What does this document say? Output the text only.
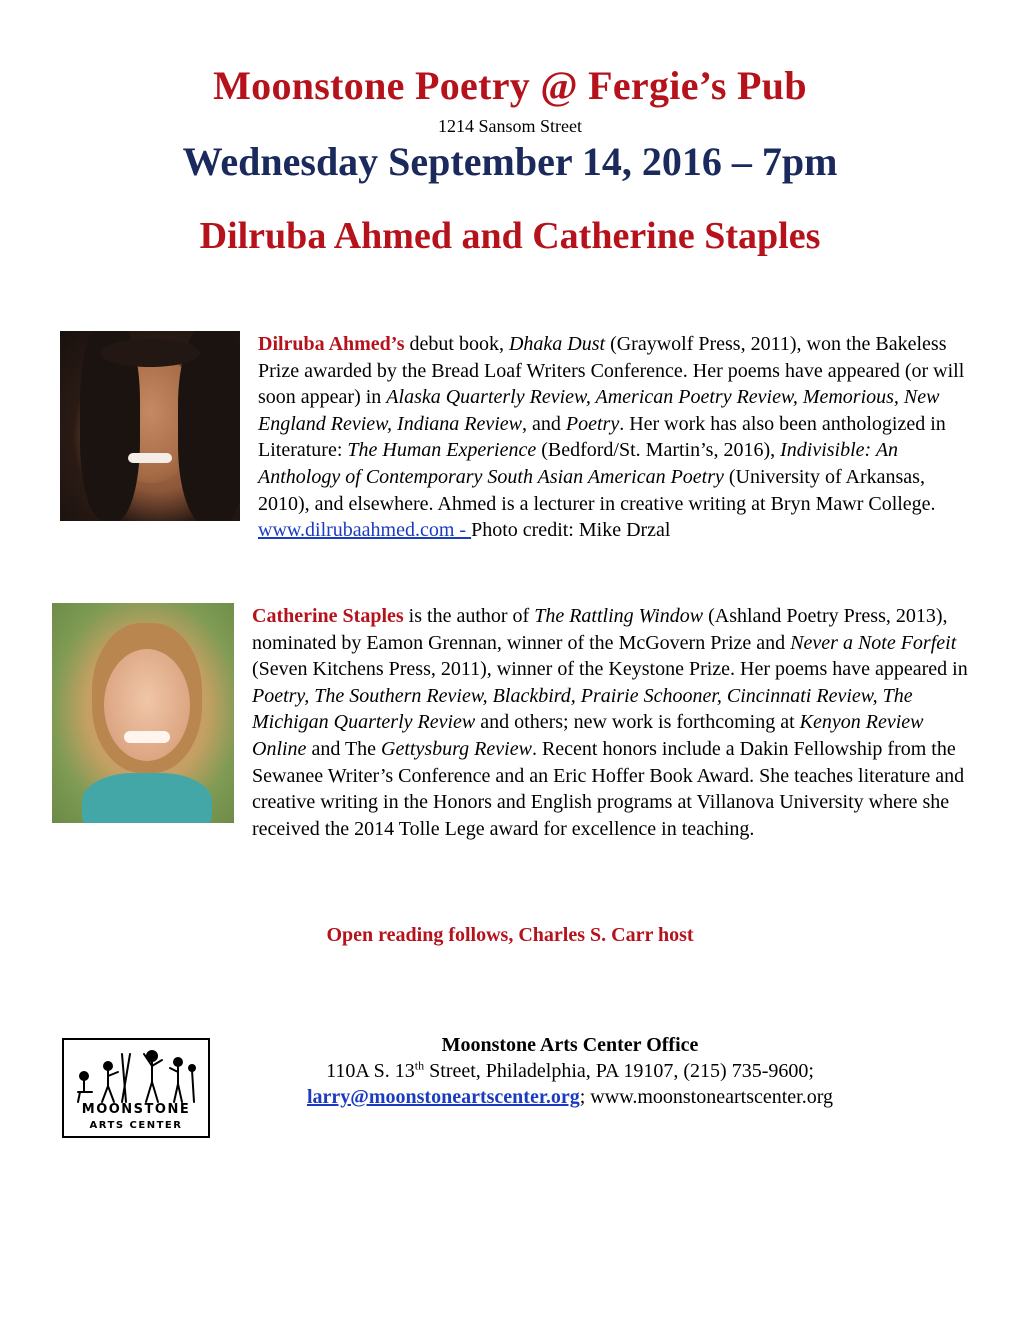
Moonstone Poetry @ Fergie’s Pub
1214 Sansom Street
Wednesday September 14, 2016 – 7pm
Dilruba Ahmed and Catherine Staples
Dilruba Ahmed’s debut book, Dhaka Dust (Graywolf Press, 2011), won the Bakeless Prize awarded by the Bread Loaf Writers Conference. Her poems have appeared (or will soon appear) in Alaska Quarterly Review, American Poetry Review, Memorious, New England Review, Indiana Review, and Poetry. Her work has also been anthologized in Literature: The Human Experience (Bedford/St. Martin’s, 2016), Indivisible: An Anthology of Contemporary South Asian American Poetry (University of Arkansas, 2010), and elsewhere. Ahmed is a lecturer in creative writing at Bryn Mawr College. www.dilrubaahmed.com - Photo credit: Mike Drzal
Catherine Staples is the author of The Rattling Window (Ashland Poetry Press, 2013), nominated by Eamon Grennan, winner of the McGovern Prize and Never a Note Forfeit (Seven Kitchens Press, 2011), winner of the Keystone Prize. Her poems have appeared in Poetry, The Southern Review, Blackbird, Prairie Schooner, Cincinnati Review, The Michigan Quarterly Review and others; new work is forthcoming at Kenyon Review Online and The Gettysburg Review. Recent honors include a Dakin Fellowship from the Sewanee Writer’s Conference and an Eric Hoffer Book Award. She teaches literature and creative writing in the Honors and English programs at Villanova University where she received the 2014 Tolle Lege award for excellence in teaching.
Open reading follows, Charles S. Carr host
MOONSTONE
ARTS CENTER
Moonstone Arts Center Office
110A S. 13th Street, Philadelphia, PA 19107, (215) 735-9600;
larry@moonstoneartscenter.org; www.moonstoneartscenter.org
